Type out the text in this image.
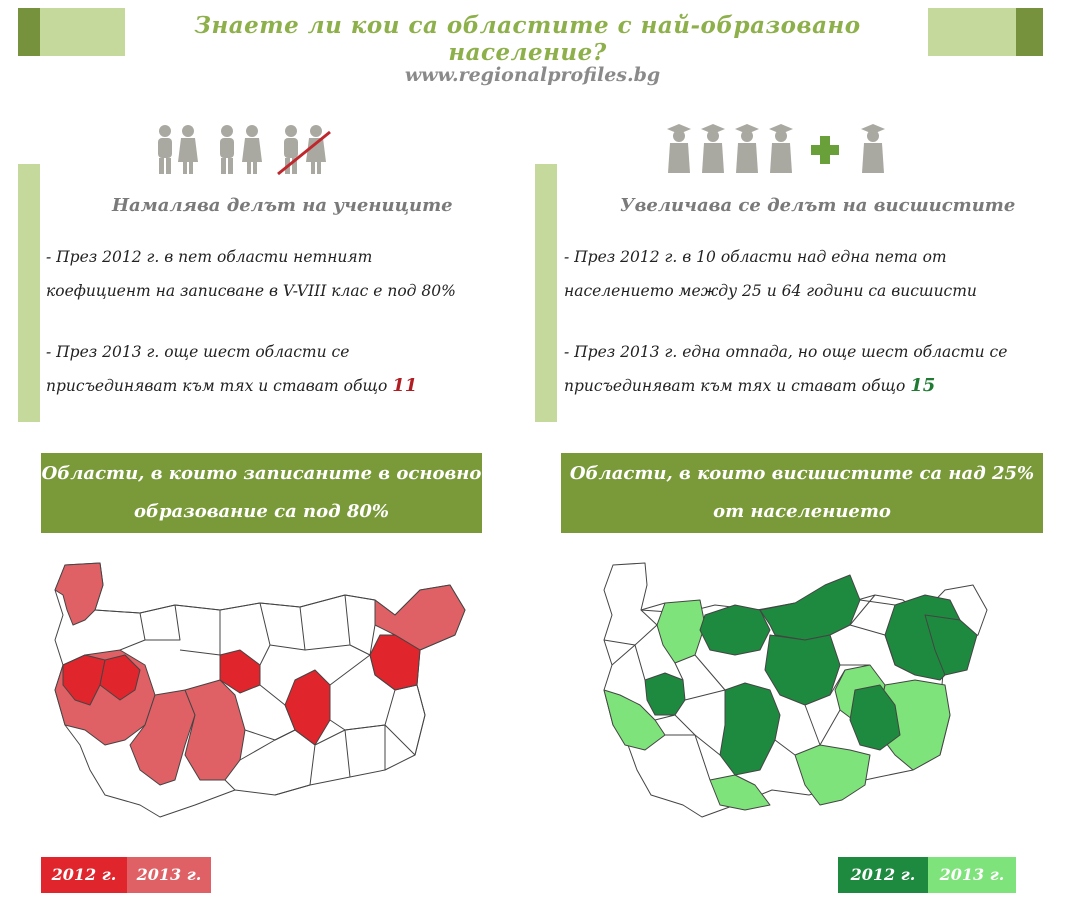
Знаете ли кои са областите с най-образовано население?
www.regionalprofiles.bg
Намалява делът на учениците
- През 2012 г. в пет области нетният
коефициент на записване в V-VIII клас е под 80%
- През 2013 г. още шест области се
присъединяват към тях и стават общо 11
Увеличава се делът на висшистите
- През 2012 г. в 10 области над една пета от
населението между 25 и 64 години са висшисти
- През 2013 г. една отпада, но още шест области се
присъединяват към тях и стават общо 15
Области, в които записаните в основно
образование са под 80%
Области, в които висшистите са над 25%
от населението
2012 г.	2013 г.	2012 г.	2013 г.
